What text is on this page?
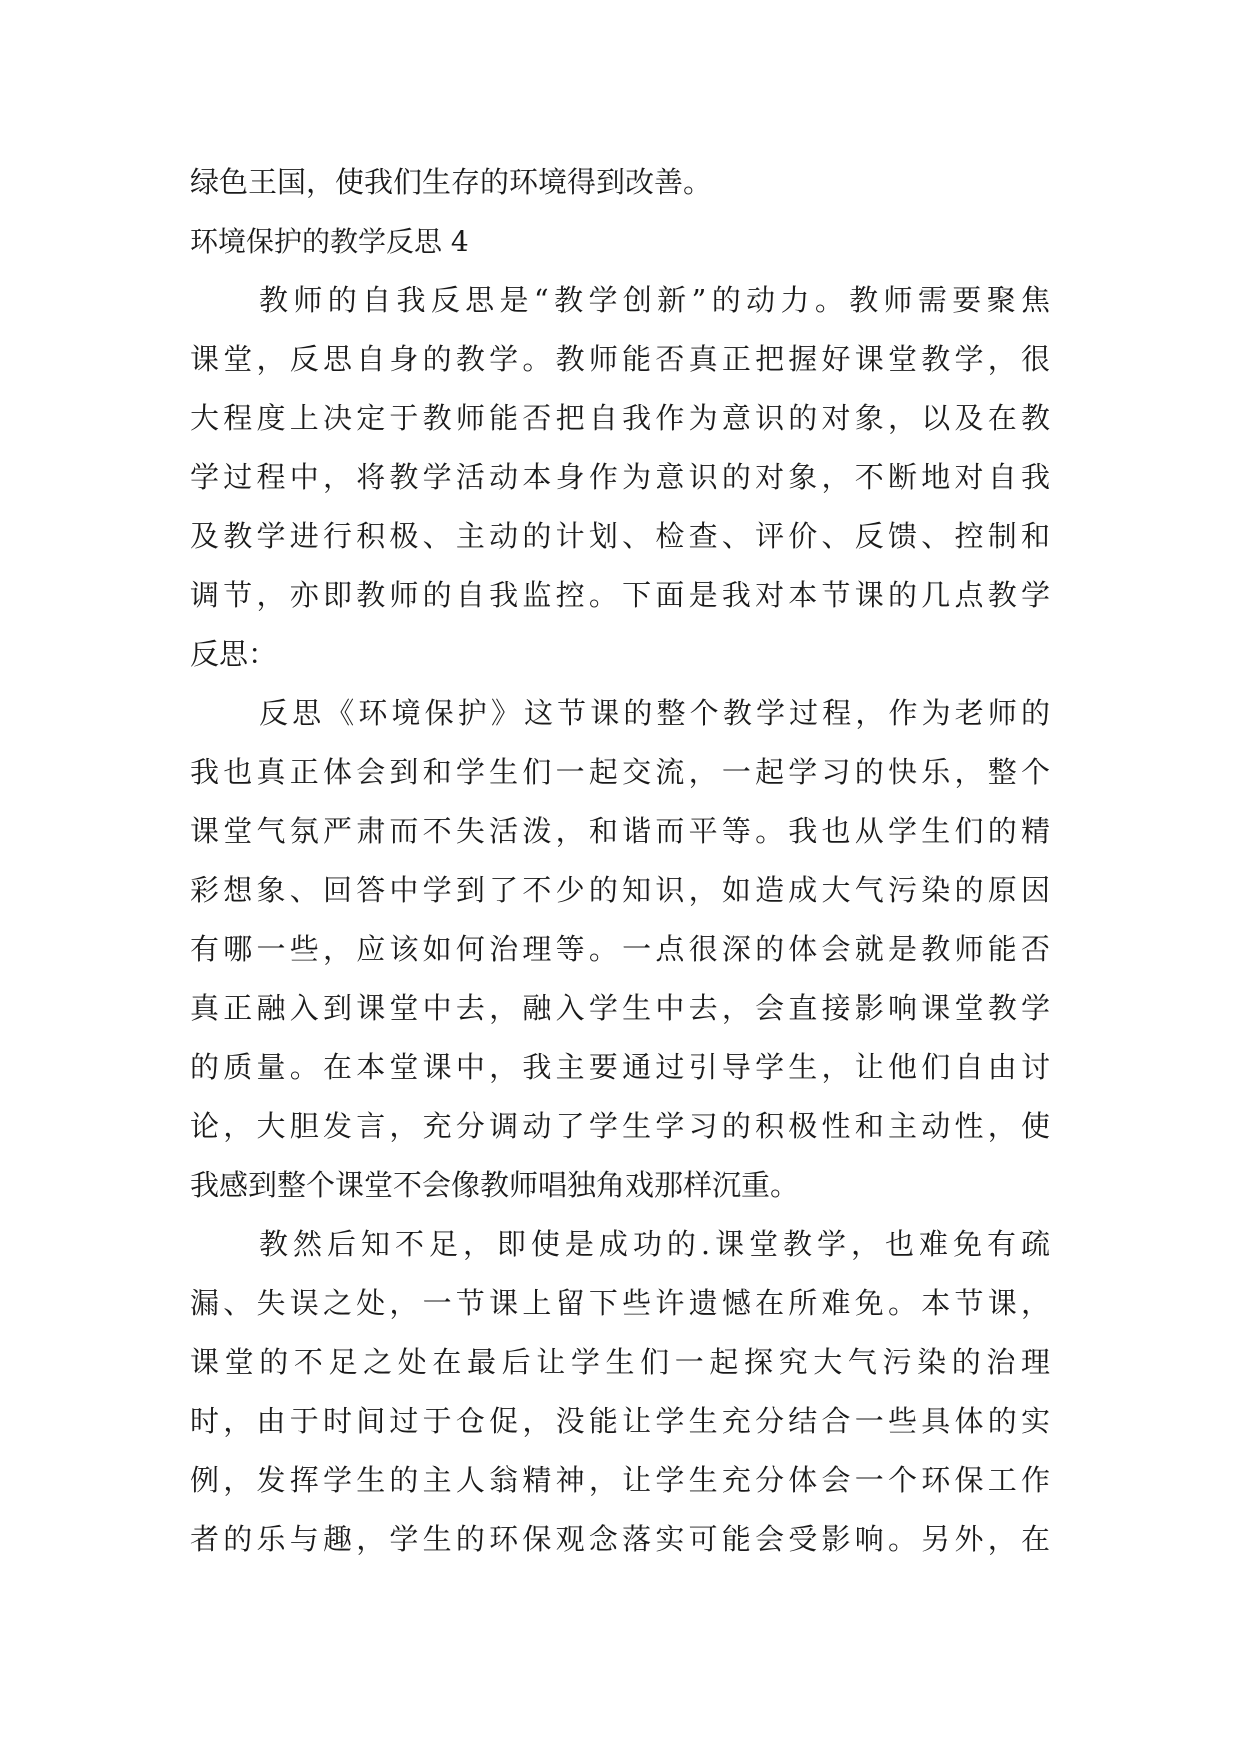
绿色王国，使我们生存的环境得到改善。
环境保护的教学反思 4
教师的自我反思是“教学创新”的动力。教师需要聚焦
课堂，反思自身的教学。教师能否真正把握好课堂教学，很
大程度上决定于教师能否把自我作为意识的对象，以及在教
学过程中，将教学活动本身作为意识的对象，不断地对自我
及教学进行积极、主动的计划、检查、评价、反馈、控制和
调节，亦即教师的自我监控。下面是我对本节课的几点教学
反思：
反思《环境保护》这节课的整个教学过程，作为老师的
我也真正体会到和学生们一起交流，一起学习的快乐，整个
课堂气氛严肃而不失活泼，和谐而平等。我也从学生们的精
彩想象、回答中学到了不少的知识，如造成大气污染的原因
有哪一些，应该如何治理等。一点很深的体会就是教师能否
真正融入到课堂中去，融入学生中去，会直接影响课堂教学
的质量。在本堂课中，我主要通过引导学生，让他们自由讨
论，大胆发言，充分调动了学生学习的积极性和主动性，使
我感到整个课堂不会像教师唱独角戏那样沉重。
教然后知不足，即使是成功的.课堂教学，也难免有疏
漏、失误之处，一节课上留下些许遗憾在所难免。本节课，
课堂的不足之处在最后让学生们一起探究大气污染的治理
时，由于时间过于仓促，没能让学生充分结合一些具体的实
例，发挥学生的主人翁精神，让学生充分体会一个环保工作
者的乐与趣，学生的环保观念落实可能会受影响。另外，在
